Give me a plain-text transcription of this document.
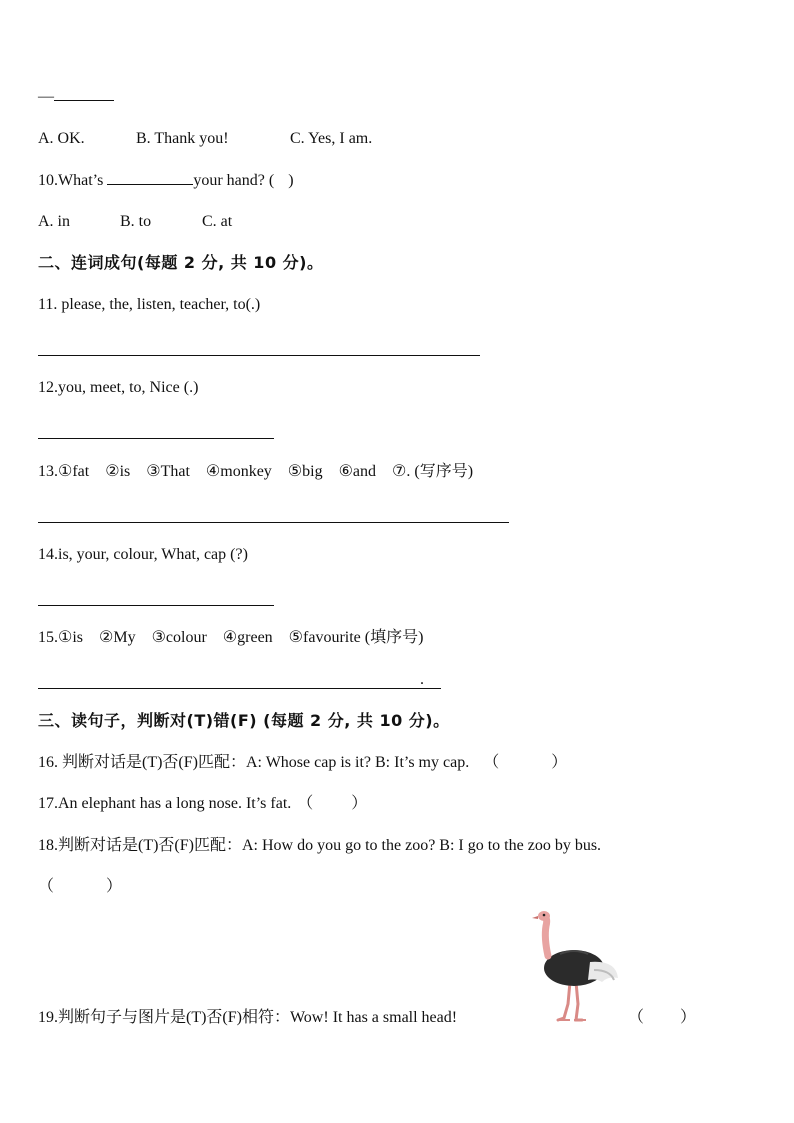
—
A. OK.	B. Thank you!	C. Yes, I am.
10.What’s	your hand? ( )
A. in	B. to	C. at
二、连词成句(每题 2 分, 共 10 分)。
11. please, the, listen, teacher, to(.)
12.you, meet, to, Nice (.)
13.①fat    ②is    ③That    ④monkey    ⑤big    ⑥and    ⑦. (写序号)
14.is, your, colour, What, cap (?)
15.①is    ②My    ③colour    ④green    ⑤favourite (填序号)
.
三、读句子，判断对(T)错(F) (每题 2 分, 共 10 分)。
16. 判断对话是(T)否(F)匹配：A: Whose cap is it? B: It’s my cap. （	）
17.An elephant has a long nose. It’s fat. （ ）
18.判断对话是(T)否(F)匹配：A: How do you go to the zoo? B: I go to the zoo by bus.
（	）
19.判断句子与图片是(T)否(F)相符：Wow! It has a small head!	（ ）
